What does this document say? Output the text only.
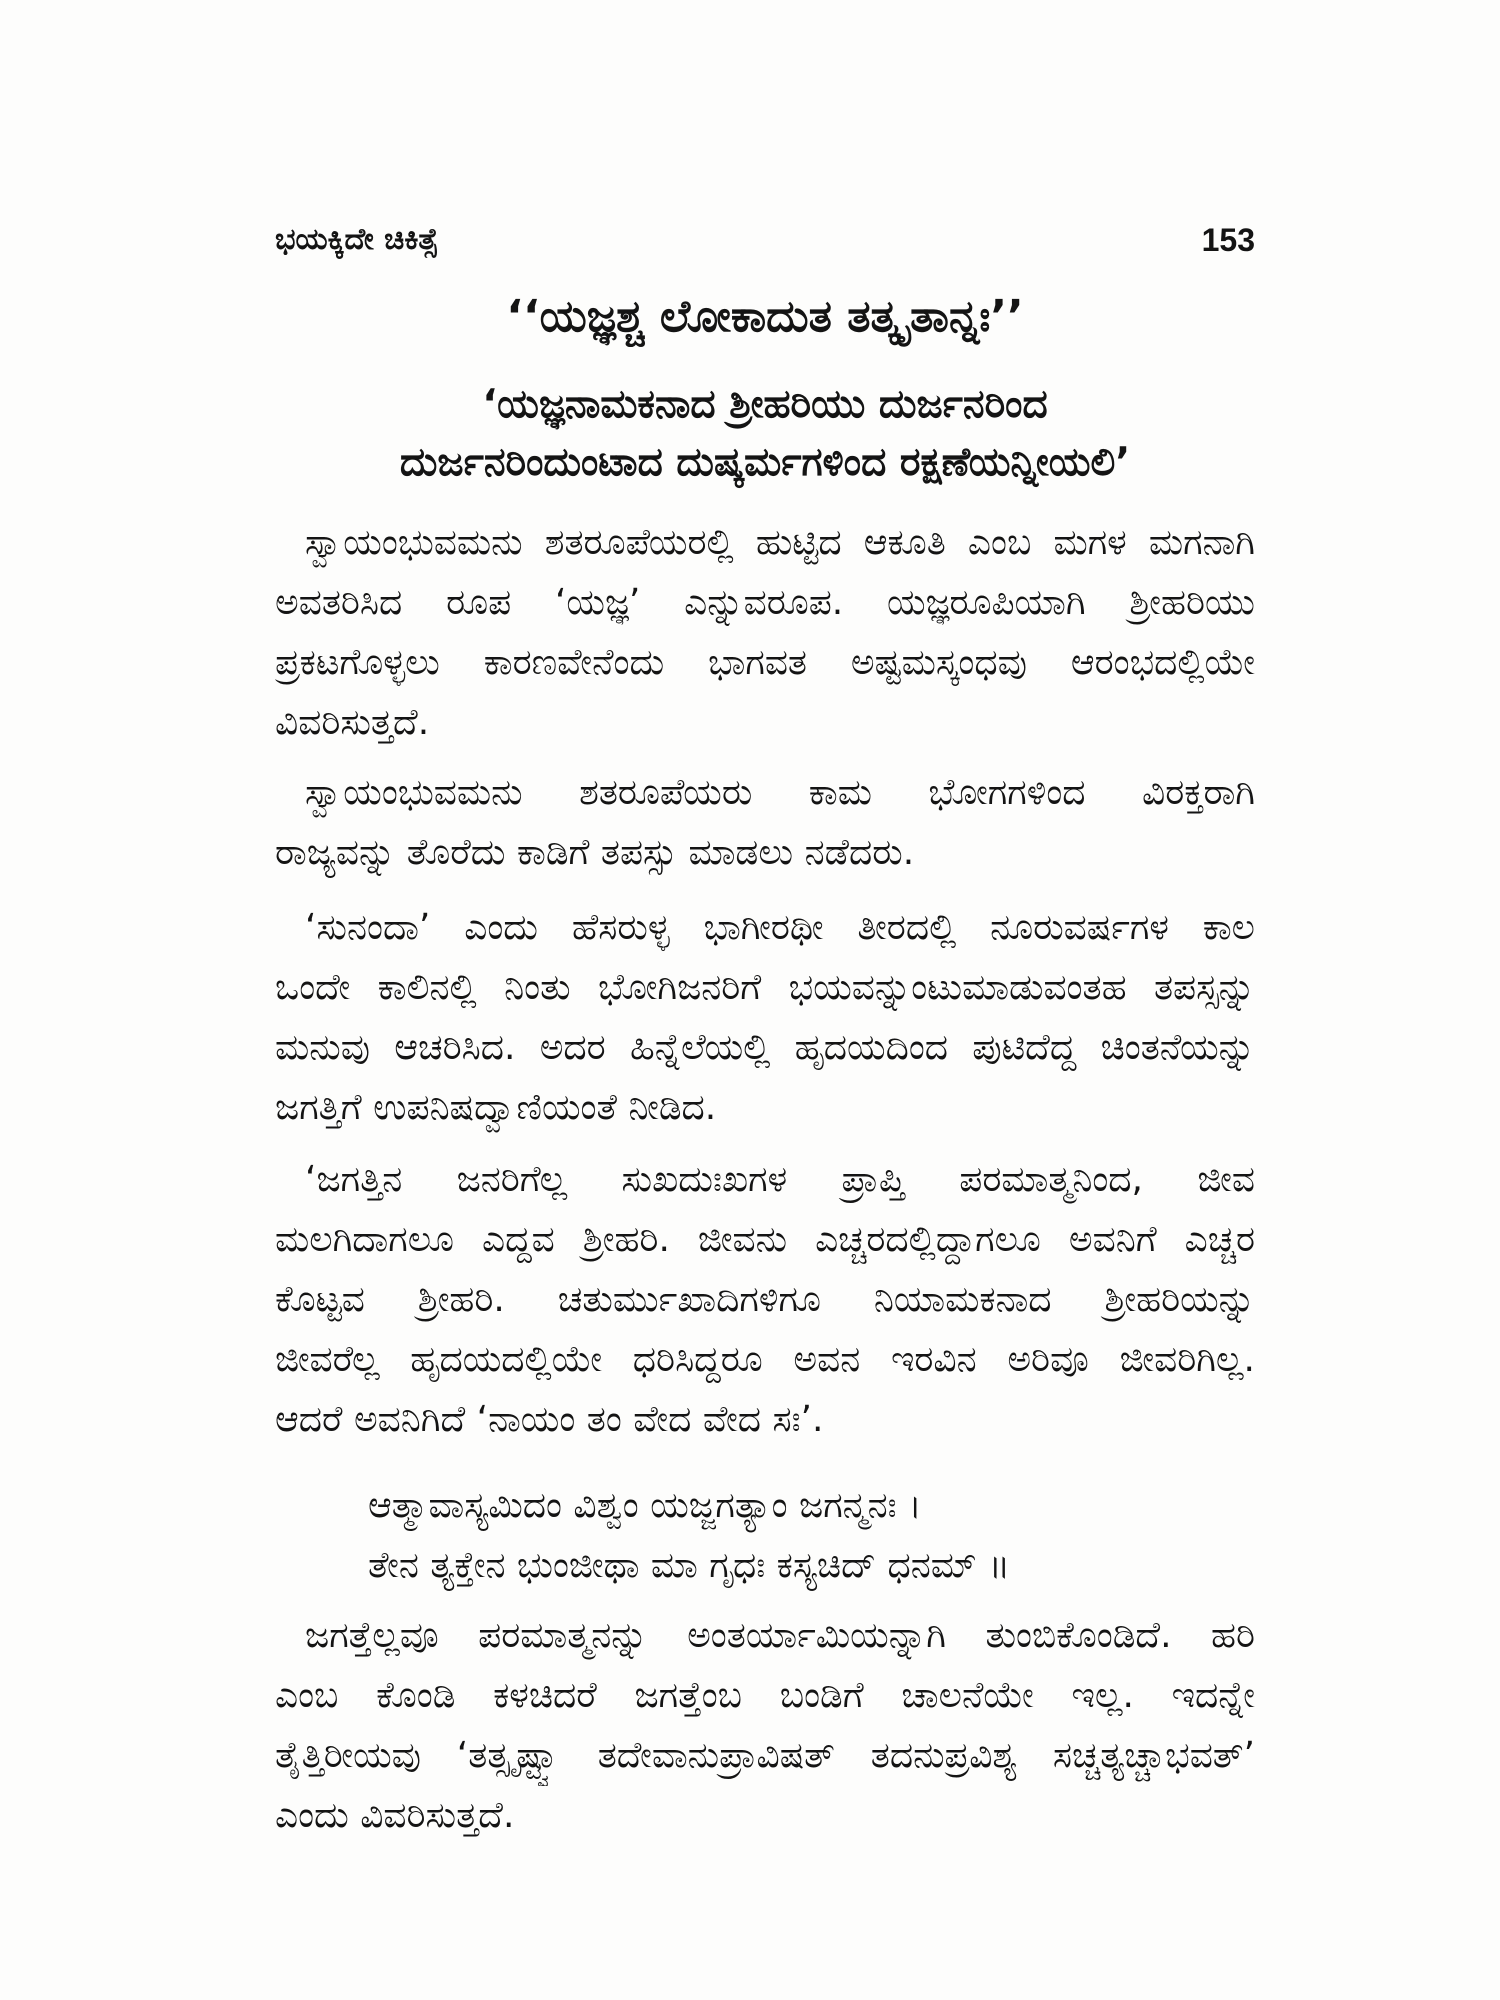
ಭಯಕ್ಕಿದೇ ಚಿಕಿತ್ಸೆ	153
‘‘ಯಜ್ಞಶ್ಚ ಲೋಕಾದುತ ತತ್ಕೃತಾನ್ನಃ’’
‘ಯಜ್ಞನಾಮಕನಾದ ಶ್ರೀಹರಿಯು ದುರ್ಜನರಿಂದ
ದುರ್ಜನರಿಂದುಂಟಾದ ದುಷ್ಕರ್ಮಗಳಿಂದ ರಕ್ಷಣೆಯನ್ನೀಯಲಿ’
ಸ್ವಾಯಂಭುವಮನು ಶತರೂಪೆಯರಲ್ಲಿ ಹುಟ್ಟಿದ ಆಕೂತಿ ಎಂಬ ಮಗಳ ಮಗನಾಗಿ
ಅವತರಿಸಿದ ರೂಪ ‘ಯಜ್ಞ’ ಎನ್ನುವರೂಪ. ಯಜ್ಞರೂಪಿಯಾಗಿ ಶ್ರೀಹರಿಯು
ಪ್ರಕಟಗೊಳ್ಳಲು ಕಾರಣವೇನೆಂದು ಭಾಗವತ ಅಷ್ಟಮಸ್ಕಂಧವು ಆರಂಭದಲ್ಲಿಯೇ
ವಿವರಿಸುತ್ತದೆ.
ಸ್ವಾಯಂಭುವಮನು ಶತರೂಪೆಯರು ಕಾಮ ಭೋಗಗಳಿಂದ ವಿರಕ್ತರಾಗಿ
ರಾಜ್ಯವನ್ನು ತೊರೆದು ಕಾಡಿಗೆ ತಪಸ್ಸು ಮಾಡಲು ನಡೆದರು.
‘ಸುನಂದಾ’ ಎಂದು ಹೆಸರುಳ್ಳ ಭಾಗೀರಥೀ ತೀರದಲ್ಲಿ ನೂರುವರ್ಷಗಳ ಕಾಲ
ಒಂದೇ ಕಾಲಿನಲ್ಲಿ ನಿಂತು ಭೋಗಿಜನರಿಗೆ ಭಯವನ್ನುಂಟುಮಾಡುವಂತಹ ತಪಸ್ಸನ್ನು
ಮನುವು ಆಚರಿಸಿದ. ಅದರ ಹಿನ್ನೆಲೆಯಲ್ಲಿ ಹೃದಯದಿಂದ ಪುಟಿದೆದ್ದ ಚಿಂತನೆಯನ್ನು
ಜಗತ್ತಿಗೆ ಉಪನಿಷದ್ವಾಣಿಯಂತೆ ನೀಡಿದ.
‘ಜಗತ್ತಿನ ಜನರಿಗೆಲ್ಲ ಸುಖದುಃಖಗಳ ಪ್ರಾಪ್ತಿ ಪರಮಾತ್ಮನಿಂದ, ಜೀವ
ಮಲಗಿದಾಗಲೂ ಎದ್ದವ ಶ್ರೀಹರಿ. ಜೀವನು ಎಚ್ಚರದಲ್ಲಿದ್ದಾಗಲೂ ಅವನಿಗೆ ಎಚ್ಚರ
ಕೊಟ್ಟವ ಶ್ರೀಹರಿ. ಚತುರ್ಮುಖಾದಿಗಳಿಗೂ ನಿಯಾಮಕನಾದ ಶ್ರೀಹರಿಯನ್ನು
ಜೀವರೆಲ್ಲ ಹೃದಯದಲ್ಲಿಯೇ ಧರಿಸಿದ್ದರೂ ಅವನ ಇರವಿನ ಅರಿವೂ ಜೀವರಿಗಿಲ್ಲ.
ಆದರೆ ಅವನಿಗಿದೆ ‘ನಾಯಂ ತಂ ವೇದ ವೇದ ಸಃ’.
ಆತ್ಮಾವಾಸ್ಯಮಿದಂ ವಿಶ್ವಂ ಯಜ್ಜಗತ್ಯಾಂ ಜಗನ್ಮನಃ ।
ತೇನ ತ್ಯಕ್ತೇನ ಭುಂಜೀಥಾ ಮಾ ಗೃಧಃ ಕಸ್ಯಚಿದ್ ಧನಮ್ ॥
ಜಗತ್ತೆಲ್ಲವೂ ಪರಮಾತ್ಮನನ್ನು ಅಂತರ್ಯಾಮಿಯನ್ನಾಗಿ ತುಂಬಿಕೊಂಡಿದೆ. ಹರಿ
ಎಂಬ ಕೊಂಡಿ ಕಳಚಿದರೆ ಜಗತ್ತೆಂಬ ಬಂಡಿಗೆ ಚಾಲನೆಯೇ ಇಲ್ಲ. ಇದನ್ನೇ
ತೈತ್ತಿರೀಯವು ‘ತತ್ಸೃಷ್ಟ್ವಾ ತದೇವಾನುಪ್ರಾವಿಷತ್ ತದನುಪ್ರವಿಶ್ಯ ಸಚ್ಚತ್ಯಚ್ಚಾಭವತ್’
ಎಂದು ವಿವರಿಸುತ್ತದೆ.
